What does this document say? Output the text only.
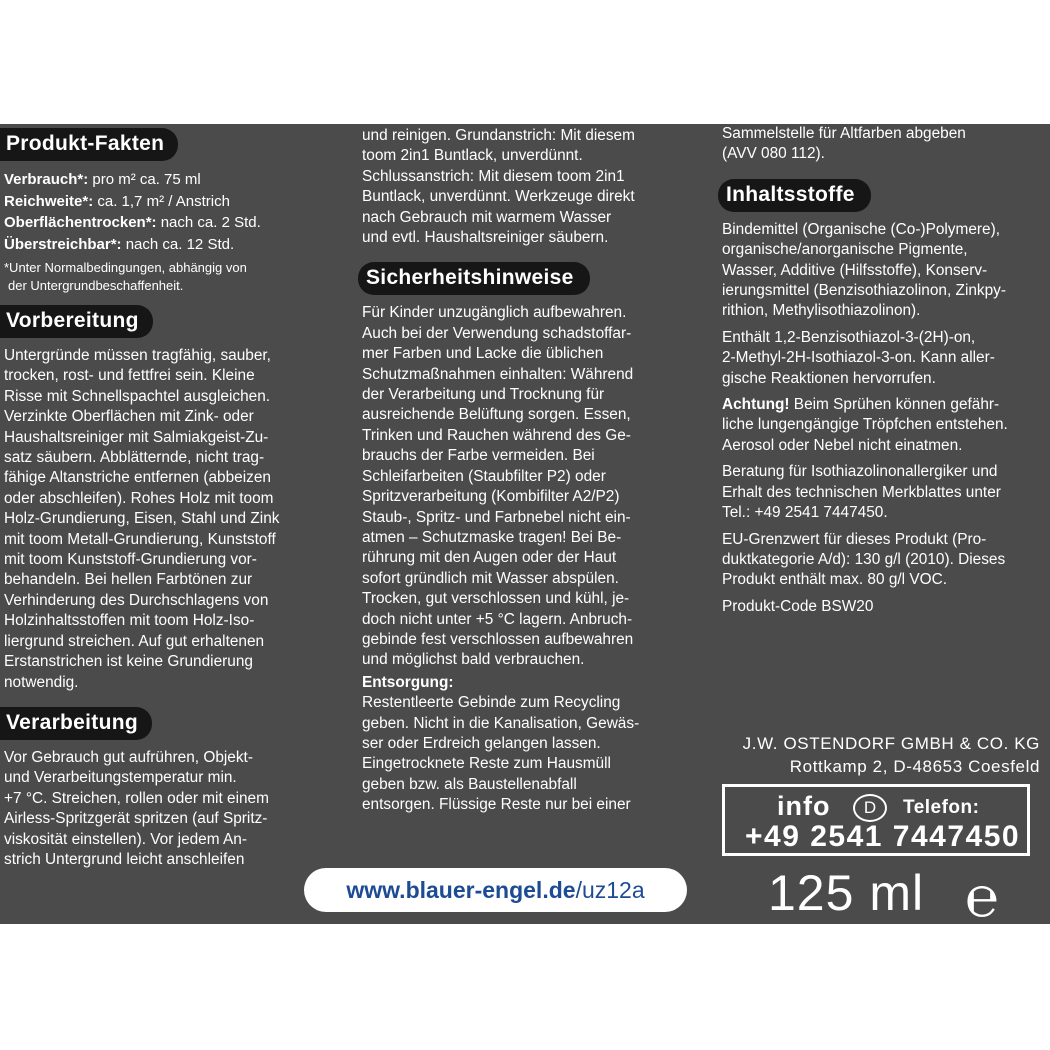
Produkt-Fakten
Verbrauch*: pro m² ca. 75 ml
Reichweite*: ca. 1,7 m² / Anstrich
Oberflächentrocken*: nach ca. 2 Std.
Überstreichbar*: nach ca. 12 Std.
*Unter Normalbedingungen, abhängig von
der Untergrundbeschaffenheit.
Vorbereitung

Untergründe müssen tragfähig, sauber,

trocken, rost- und fettfrei sein. Kleine

Risse mit Schnellspachtel ausgleichen.

Verzinkte Oberflächen mit Zink- oder

Haushaltsreiniger mit Salmiakgeist-Zu-

satz säubern. Abblätternde, nicht trag-

fähige Altanstriche entfernen (abbeizen

oder abschleifen). Rohes Holz mit toom

Holz-Grundierung, Eisen, Stahl und Zink

mit toom Metall-Grundierung, Kunststoff

mit toom Kunststoff-Grundierung vor-

behandeln. Bei hellen Farbtönen zur

Verhinderung des Durchschlagens von

Holzinhaltsstoffen mit toom Holz-Iso-

liergrund streichen. Auf gut erhaltenen

Erstanstrichen ist keine Grundierung

notwendig.

Verarbeitung

Vor Gebrauch gut aufrühren, Objekt-

und Verarbeitungstemperatur min.

+7 °C. Streichen, rollen oder mit einem

Airless-Spritzgerät spritzen (auf Spritz-

viskosität einstellen). Vor jedem An-

strich Untergrund leicht anschleifen

und reinigen. Grundanstrich: Mit diesem

toom 2in1 Buntlack, unverdünnt.

Schlussanstrich: Mit diesem toom 2in1

Buntlack, unverdünnt. Werkzeuge direkt

nach Gebrauch mit warmem Wasser

und evtl. Haushaltsreiniger säubern.

Sicherheitshinweise

Für Kinder unzugänglich aufbewahren.

Auch bei der Verwendung schadstoffar-

mer Farben und Lacke die üblichen

Schutzmaßnahmen einhalten: Während

der Verarbeitung und Trocknung für

ausreichende Belüftung sorgen. Essen,

Trinken und Rauchen während des Ge-

brauchs der Farbe vermeiden. Bei

Schleifarbeiten (Staubfilter P2) oder

Spritzverarbeitung (Kombifilter A2/P2)

Staub-, Spritz- und Farbnebel nicht ein-

atmen – Schutzmaske tragen! Bei Be-

rührung mit den Augen oder der Haut

sofort gründlich mit Wasser abspülen.

Trocken, gut verschlossen und kühl, je-

doch nicht unter +5 °C lagern. Anbruch-

gebinde fest verschlossen aufbewahren

und möglichst bald verbrauchen.

Entsorgung:

Restentleerte Gebinde zum Recycling

geben. Nicht in die Kanalisation, Gewäs-

ser oder Erdreich gelangen lassen.

Eingetrocknete Reste zum Hausmüll

geben bzw. als Baustellenabfall

entsorgen. Flüssige Reste nur bei einer

Sammelstelle für Altfarben abgeben

(AVV 080 112).

Inhaltsstoffe

Bindemittel (Organische (Co-)Polymere),

organische/anorganische Pigmente,

Wasser, Additive (Hilfsstoffe), Konserv-

ierungsmittel (Benzisothiazolinon, Zinkpy-

rithion, Methylisothiazolinon).

Enthält 1,2-Benzisothiazol-3-(2H)-on,

2-Methyl-2H-Isothiazol-3-on. Kann aller-

gische Reaktionen hervorrufen.

Achtung! Beim Sprühen können gefähr-

liche lungengängige Tröpfchen entstehen.

Aerosol oder Nebel nicht einatmen.

Beratung für Isothiazolinonallergiker und

Erhalt des technischen Merkblattes unter

Tel.: +49 2541 7447450.

EU-Grenzwert für dieses Produkt (Pro-

duktkategorie A/d): 130 g/l (2010). Dieses

Produkt enthält max. 80 g/l VOC.

Produkt-Code BSW20

J.W. OSTENDORF GMBH & CO. KG
Rottkamp 2, D-48653 Coesfeld
info	D	Telefon:
+49 2541 7447450
125 ml ℮
www.blauer-engel.de/uz12a
